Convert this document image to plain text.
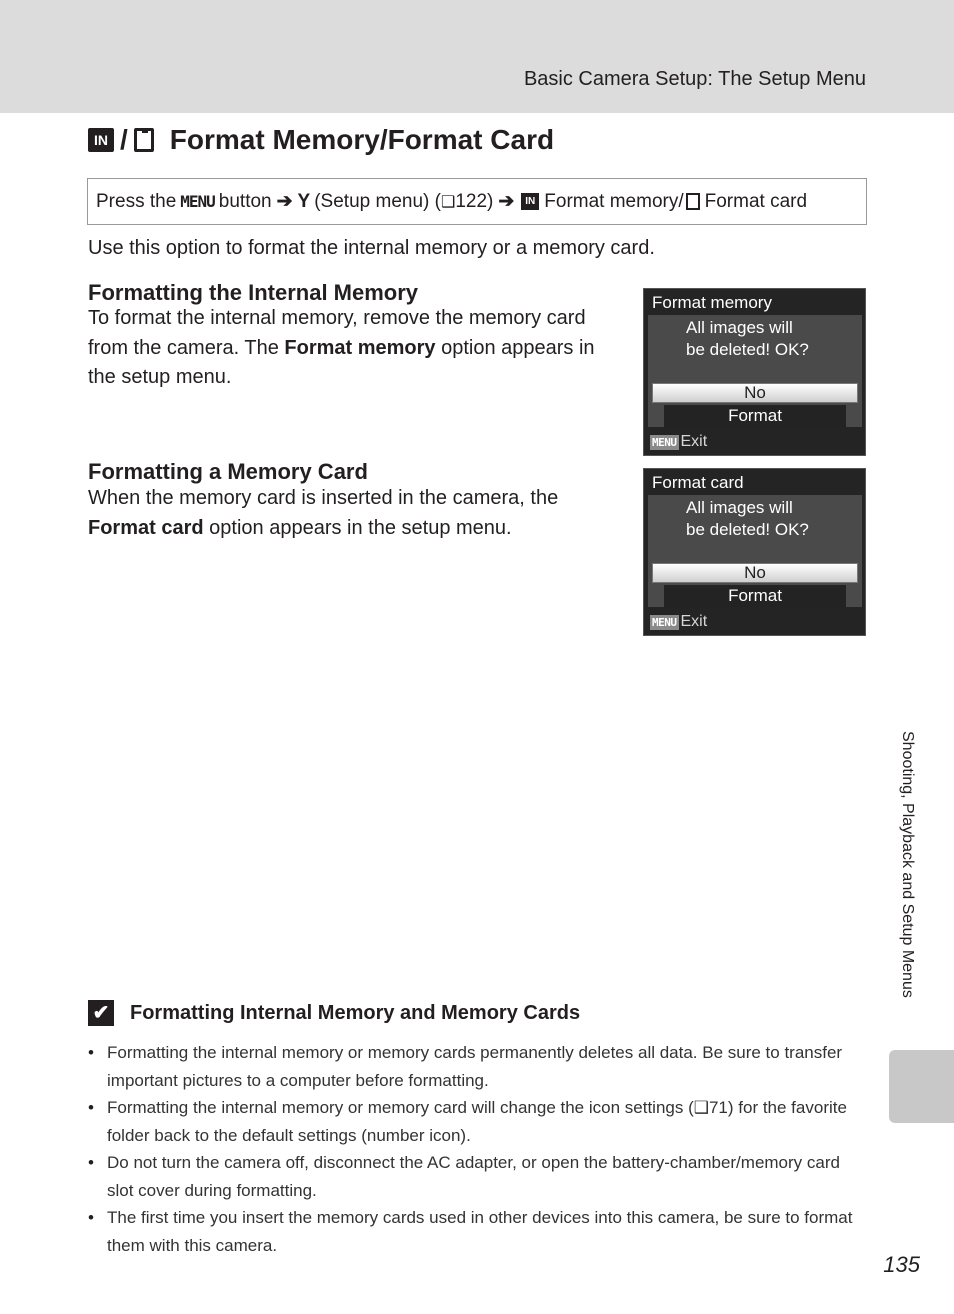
Basic Camera Setup: The Setup Menu
IN / Format Memory/Format Card
Press the MENU button ➔ Y (Setup menu) ( ❑ 122) ➔	IN Format memory/ Format card
Use this option to format the internal memory or a memory card.
Formatting the Internal Memory
To format the internal memory, remove the memory card from the camera. The Format memory option appears in the setup menu.
Formatting a Memory Card
When the memory card is inserted in the camera, the Format card option appears in the setup menu.
Format memory
All images will
be deleted! OK?
No
Format
MENU Exit
Format card
All images will
be deleted! OK?
No
Format
MENU Exit
✔ Formatting Internal Memory and Memory Cards
• Formatting the internal memory or memory cards permanently deletes all data. Be sure to transfer important pictures to a computer before formatting.
• Formatting the internal memory or memory card will change the icon settings (❑71) for the favorite folder back to the default settings (number icon).
• Do not turn the camera off, disconnect the AC adapter, or open the battery-chamber/memory card slot cover during formatting.
• The first time you insert the memory cards used in other devices into this camera, be sure to format them with this camera.
Shooting, Playback and Setup Menus
135
